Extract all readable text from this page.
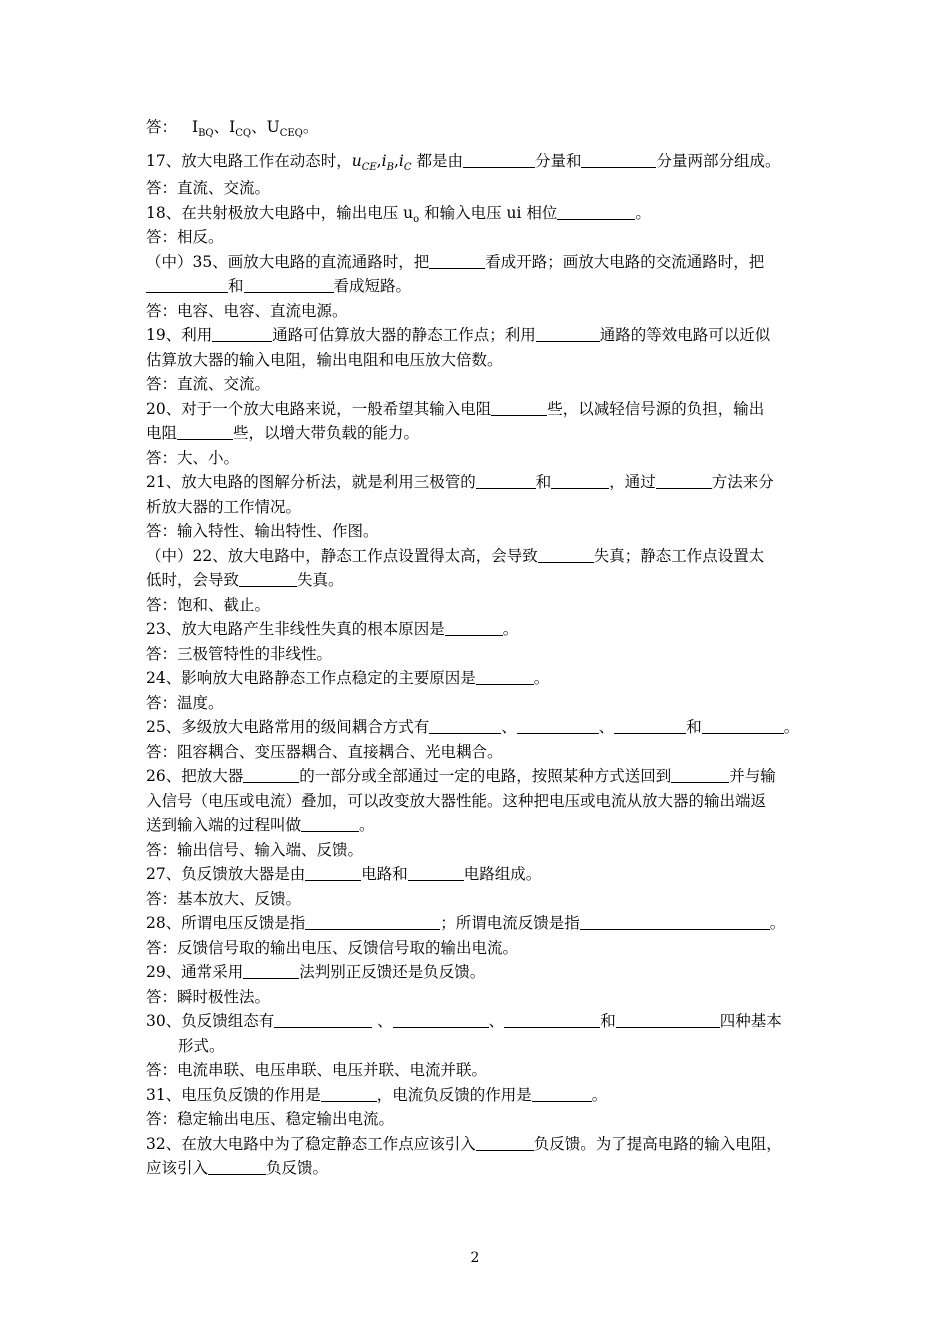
答： $I_{BQ}$、$I_{CQ}$、$U_{CEQ}$。
17、放大电路工作在动态时，$u_{CE},i_B,i_C$ 都是由	分量和	分量两部分组成。
答：直流、交流。
18、在共射极放大电路中，输出电压 $u_o$ 和输入电压 ui 相位	。
答：相反。
（中）35、画放大电路的直流通路时，把	看成开路；画放大电路的交流通路时，把
和	看成短路。
答：电容、电容、直流电源。
19、利用	通路可估算放大器的静态工作点；利用	通路的等效电路可以近似
估算放大器的输入电阻，输出电阻和电压放大倍数。
答：直流、交流。
20、对于一个放大电路来说，一般希望其输入电阻	些，以减轻信号源的负担，输出
电阻	些，以增大带负载的能力。
答：大、小。
21、放大电路的图解分析法，就是利用三极管的	和	，通过	方法来分
析放大器的工作情况。
答：输入特性、输出特性、作图。
（中）22、放大电路中，静态工作点设置得太高，会导致	失真；静态工作点设置太
低时，会导致	失真。
答：饱和、截止。
23、放大电路产生非线性失真的根本原因是	。
答：三极管特性的非线性。
24、影响放大电路静态工作点稳定的主要原因是	。
答：温度。
25、多级放大电路常用的级间耦合方式有	、	、	和	。
答：阻容耦合、变压器耦合、直接耦合、光电耦合。
26、把放大器	的一部分或全部通过一定的电路，按照某种方式送回到	并与输
入信号（电压或电流）叠加，可以改变放大器性能。这种把电压或电流从放大器的输出端返
送到输入端的过程叫做	。
答：输出信号、输入端、反馈。
27、负反馈放大器是由	电路和	电路组成。
答：基本放大、反馈。
28、所谓电压反馈是指	；所谓电流反馈是指	。
答：反馈信号取的输出电压、反馈信号取的输出电流。
29、通常采用	法判别正反馈还是负反馈。
答：瞬时极性法。
30、负反馈组态有	、	、	和	四种基本
形式。
答：电流串联、电压串联、电压并联、电流并联。
31、电压负反馈的作用是	，电流负反馈的作用是	。
答：稳定输出电压、稳定输出电流。
32、在放大电路中为了稳定静态工作点应该引入	负反馈。为了提高电路的输入电阻，
应该引入	负反馈。
2
